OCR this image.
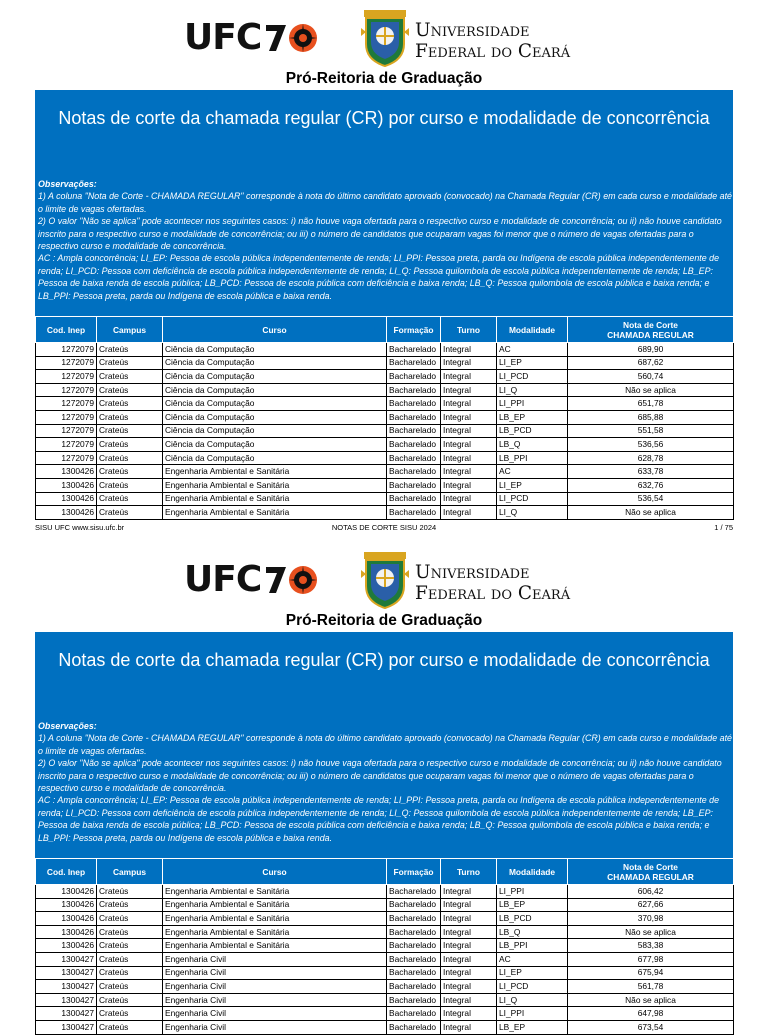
UFC	Universidade
Federal do Ceará
Pró-Reitoria de Graduação
Notas de corte da chamada regular (CR) por curso e modalidade de concorrência
Observações:
1) A coluna "Nota de Corte - CHAMADA REGULAR" corresponde à nota do último candidato aprovado (convocado) na Chamada Regular (CR) em cada curso e modalidade até o limite de vagas ofertadas.
2) O valor "Não se aplica" pode acontecer nos seguintes casos: i) não houve vaga ofertada para o respectivo curso e modalidade de concorrência; ou ii) não houve candidato inscrito para o respectivo curso e modalidade de concorrência; ou iii) o número de candidatos que ocuparam vagas foi menor que o número de vagas ofertadas para o respectivo curso e modalidade de concorrência.
AC : Ampla concorrência; LI_EP: Pessoa de escola pública independentemente de renda; LI_PPI: Pessoa preta, parda ou Indígena de escola pública independentemente de renda; LI_PCD: Pessoa com deficiência de escola pública independentemente de renda; LI_Q: Pessoa quilombola de escola pública independentemente de renda; LB_EP: Pessoa de baixa renda de escola pública; LB_PCD: Pessoa de escola pública com deficiência e baixa renda; LB_Q: Pessoa quilombola de escola pública e baixa renda; e LB_PPI: Pessoa preta, parda ou Indígena de escola pública e baixa renda.
Cod. Inep	Campus	Curso	Formação	Turno	Modalidade	Nota de Corte
CHAMADA REGULAR

1272079	Crateús	Ciência da Computação	Bacharelado	Integral	AC	689,90
1272079	Crateús	Ciência da Computação	Bacharelado	Integral	LI_EP	687,62
1272079	Crateús	Ciência da Computação	Bacharelado	Integral	LI_PCD	560,74
1272079	Crateús	Ciência da Computação	Bacharelado	Integral	LI_Q	Não se aplica
1272079	Crateús	Ciência da Computação	Bacharelado	Integral	LI_PPI	651,78
1272079	Crateús	Ciência da Computação	Bacharelado	Integral	LB_EP	685,88
1272079	Crateús	Ciência da Computação	Bacharelado	Integral	LB_PCD	551,58
1272079	Crateús	Ciência da Computação	Bacharelado	Integral	LB_Q	536,56
1272079	Crateús	Ciência da Computação	Bacharelado	Integral	LB_PPI	628,78
1300426	Crateús	Engenharia Ambiental e Sanitária	Bacharelado	Integral	AC	633,78
1300426	Crateús	Engenharia Ambiental e Sanitária	Bacharelado	Integral	LI_EP	632,76
1300426	Crateús	Engenharia Ambiental e Sanitária	Bacharelado	Integral	LI_PCD	536,54
1300426	Crateús	Engenharia Ambiental e Sanitária	Bacharelado	Integral	LI_Q	Não se aplica
SISU UFC www.sisu.ufc.br	NOTAS DE CORTE SISU 2024	1 / 75
UFC	Universidade
Federal do Ceará
Pró-Reitoria de Graduação
Notas de corte da chamada regular (CR) por curso e modalidade de concorrência
Observações:
1) A coluna "Nota de Corte - CHAMADA REGULAR" corresponde à nota do último candidato aprovado (convocado) na Chamada Regular (CR) em cada curso e modalidade até o limite de vagas ofertadas.
2) O valor "Não se aplica" pode acontecer nos seguintes casos: i) não houve vaga ofertada para o respectivo curso e modalidade de concorrência; ou ii) não houve candidato inscrito para o respectivo curso e modalidade de concorrência; ou iii) o número de candidatos que ocuparam vagas foi menor que o número de vagas ofertadas para o respectivo curso e modalidade de concorrência.
AC : Ampla concorrência; LI_EP: Pessoa de escola pública independentemente de renda; LI_PPI: Pessoa preta, parda ou Indígena de escola pública independentemente de renda; LI_PCD: Pessoa com deficiência de escola pública independentemente de renda; LI_Q: Pessoa quilombola de escola pública independentemente de renda; LB_EP: Pessoa de baixa renda de escola pública; LB_PCD: Pessoa de escola pública com deficiência e baixa renda; LB_Q: Pessoa quilombola de escola pública e baixa renda; e LB_PPI: Pessoa preta, parda ou Indígena de escola pública e baixa renda.
Cod. Inep	Campus	Curso	Formação	Turno	Modalidade	Nota de Corte
CHAMADA REGULAR

1300426	Crateús	Engenharia Ambiental e Sanitária	Bacharelado	Integral	LI_PPI	606,42
1300426	Crateús	Engenharia Ambiental e Sanitária	Bacharelado	Integral	LB_EP	627,66
1300426	Crateús	Engenharia Ambiental e Sanitária	Bacharelado	Integral	LB_PCD	370,98
1300426	Crateús	Engenharia Ambiental e Sanitária	Bacharelado	Integral	LB_Q	Não se aplica
1300426	Crateús	Engenharia Ambiental e Sanitária	Bacharelado	Integral	LB_PPI	583,38
1300427	Crateús	Engenharia Civil	Bacharelado	Integral	AC	677,98
1300427	Crateús	Engenharia Civil	Bacharelado	Integral	LI_EP	675,94
1300427	Crateús	Engenharia Civil	Bacharelado	Integral	LI_PCD	561,78
1300427	Crateús	Engenharia Civil	Bacharelado	Integral	LI_Q	Não se aplica
1300427	Crateús	Engenharia Civil	Bacharelado	Integral	LI_PPI	647,98
1300427	Crateús	Engenharia Civil	Bacharelado	Integral	LB_EP	673,54
